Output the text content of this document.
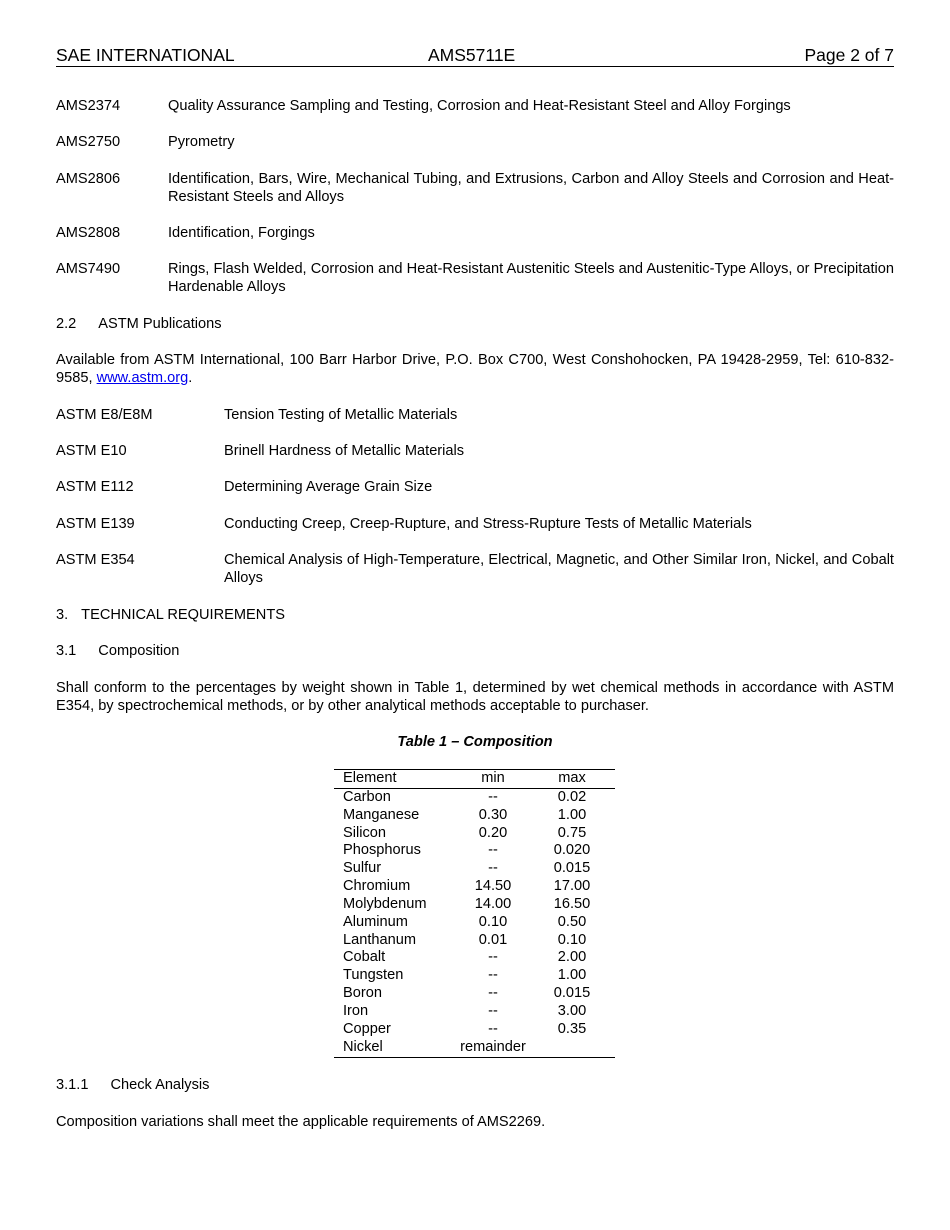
SAE INTERNATIONAL	AMS5711E	Page 2 of 7
AMS2374	Quality Assurance Sampling and Testing, Corrosion and Heat-Resistant Steel and Alloy Forgings
AMS2750	Pyrometry
AMS2806	Identification, Bars, Wire, Mechanical Tubing, and Extrusions, Carbon and Alloy Steels and Corrosion and Heat-Resistant Steels and Alloys
AMS2808	Identification, Forgings
AMS7490	Rings, Flash Welded, Corrosion and Heat-Resistant Austenitic Steels and Austenitic-Type Alloys, or Precipitation Hardenable Alloys
2.2 ASTM Publications
Available from ASTM International, 100 Barr Harbor Drive, P.O. Box C700, West Conshohocken, PA 19428-2959, Tel: 610-832-9585, www.astm.org.
ASTM E8/E8M	Tension Testing of Metallic Materials
ASTM E10	Brinell Hardness of Metallic Materials
ASTM E112	Determining Average Grain Size
ASTM E139	Conducting Creep, Creep-Rupture, and Stress-Rupture Tests of Metallic Materials
ASTM E354	Chemical Analysis of High-Temperature, Electrical, Magnetic, and Other Similar Iron, Nickel, and Cobalt Alloys
3. TECHNICAL REQUIREMENTS
3.1 Composition
Shall conform to the percentages by weight shown in Table 1, determined by wet chemical methods in accordance with ASTM E354, by spectrochemical methods, or by other analytical methods acceptable to purchaser.
Table 1 – Composition
Element	min	max
Carbon	--	0.02
Manganese	0.30	1.00
Silicon	0.20	0.75
Phosphorus	--	0.020
Sulfur	--	0.015
Chromium	14.50	17.00
Molybdenum	14.00	16.50
Aluminum	0.10	0.50
Lanthanum	0.01	0.10
Cobalt	--	2.00
Tungsten	--	1.00
Boron	--	0.015
Iron	--	3.00
Copper	--	0.35
Nickel	remainder	
3.1.1 Check Analysis
Composition variations shall meet the applicable requirements of AMS2269.
